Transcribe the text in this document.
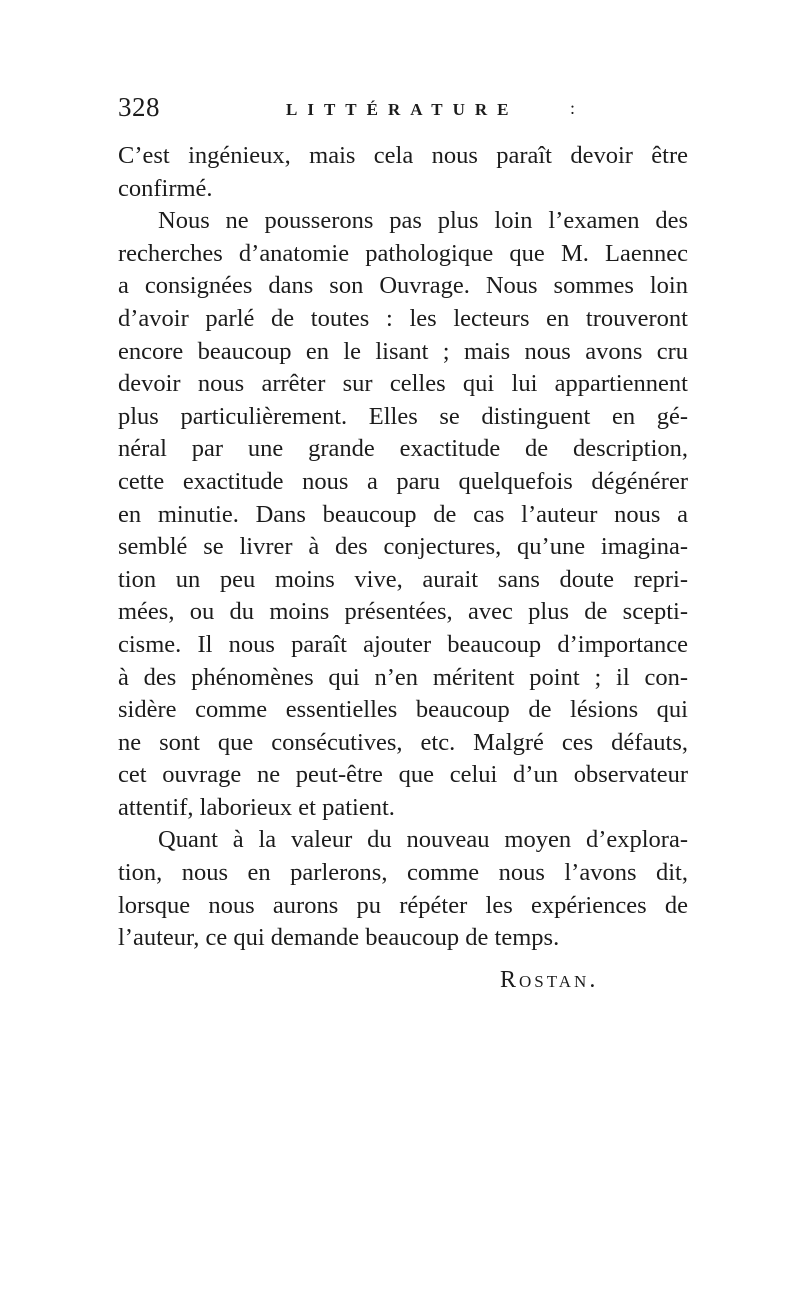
328	LITTÉRATURE	:
C’est ingénieux, mais cela nous paraît devoir être
confirmé.
Nous ne pousserons pas plus loin l’examen des
recherches d’anatomie pathologique que M. Laennec
a consignées dans son Ouvrage. Nous sommes loin
d’avoir parlé de toutes : les lecteurs en trouveront
encore beaucoup en le lisant ; mais nous avons cru
devoir nous arrêter sur celles qui lui appartiennent
plus particulièrement. Elles se distinguent en gé-
néral par une grande exactitude de description,
cette exactitude nous a paru quelquefois dégénérer
en minutie. Dans beaucoup de cas l’auteur nous a
semblé se livrer à des conjectures, qu’une imagina-
tion un peu moins vive, aurait sans doute repri-
mées, ou du moins présentées, avec plus de scepti-
cisme. Il nous paraît ajouter beaucoup d’importance
à des phénomènes qui n’en méritent point ; il con-
sidère comme essentielles beaucoup de lésions qui
ne sont que consécutives, etc. Malgré ces défauts,
cet ouvrage ne peut-être que celui d’un observateur
attentif, laborieux et patient.
Quant à la valeur du nouveau moyen d’explora-
tion, nous en parlerons, comme nous l’avons dit,
lorsque nous aurons pu répéter les expériences de
l’auteur, ce qui demande beaucoup de temps.
Rostan.
